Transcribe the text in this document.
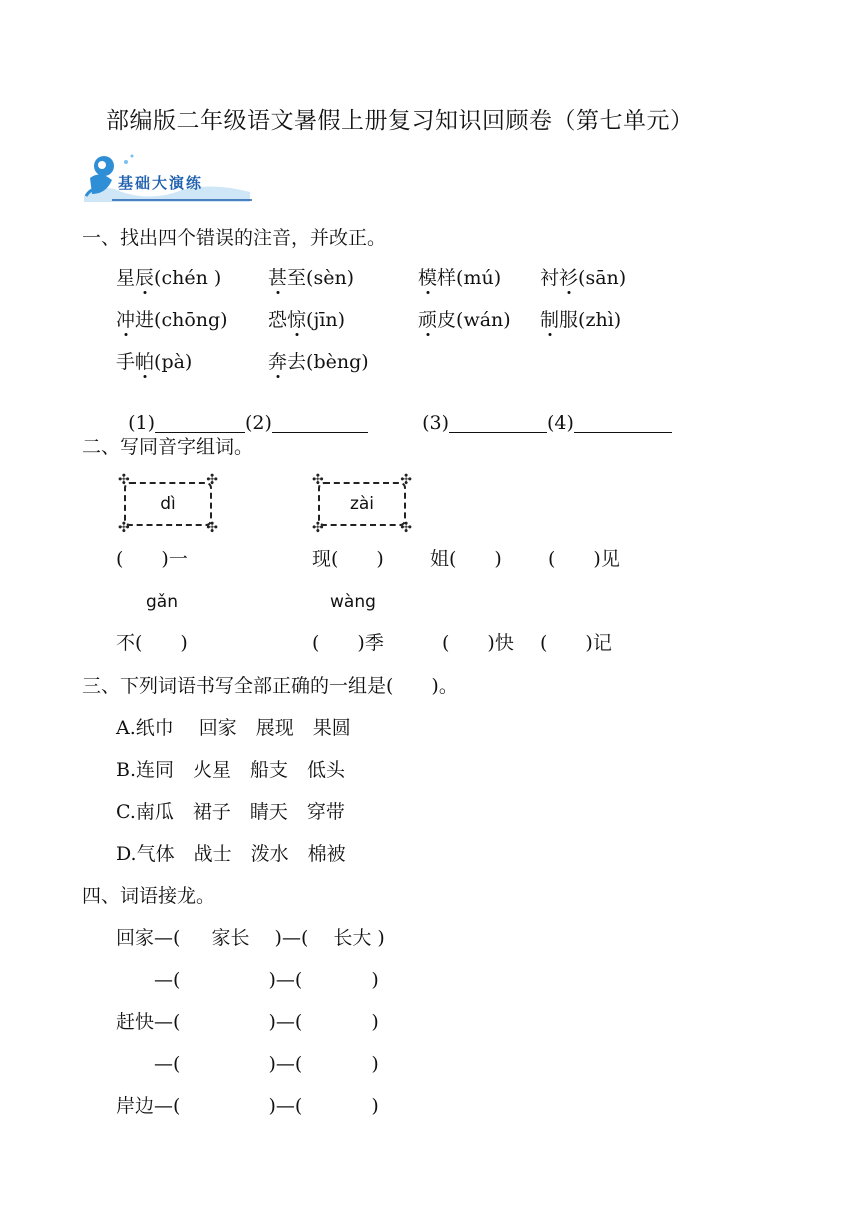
部编版二年级语文暑假上册复习知识回顾卷（第七单元）
基础大演练
一、找出四个错误的注音，并改正。
星辰(chén ) 甚至(sèn)	模样(mú) 衬衫(sān)
冲进(chōng) 恐惊(jīn)	顽皮(wán) 制服(zhì)
手帕(pà)	奔去(bèng)

(1)	(2)	(3)	(4)

二、写同音字组词。
✣ dì
✣	✣
✣
✣ zài
✣	✣
✣
(　　)一	现(　　) 姐(　　) (　　)见
gǎn	wàng
不(　　)	(　　)季	(　　)快 (　　)记
三、下列词语书写全部正确的一组是(　　)。
A.纸巾　 回家　展现　果圆
B.连同　火星　船支　低头
C.南瓜　裙子　睛天　穿带
D.气体　战士　泼水　棉被
四、词语接龙。
回家—(　  家长　 )—(　 长大 )
　　—(　　　　  )—(　　　  )
赶快—(　　　　  )—(　　　  )
　　—(　　　　  )—(　　　  )
岸边—(　　　　  )—(　　　  )
